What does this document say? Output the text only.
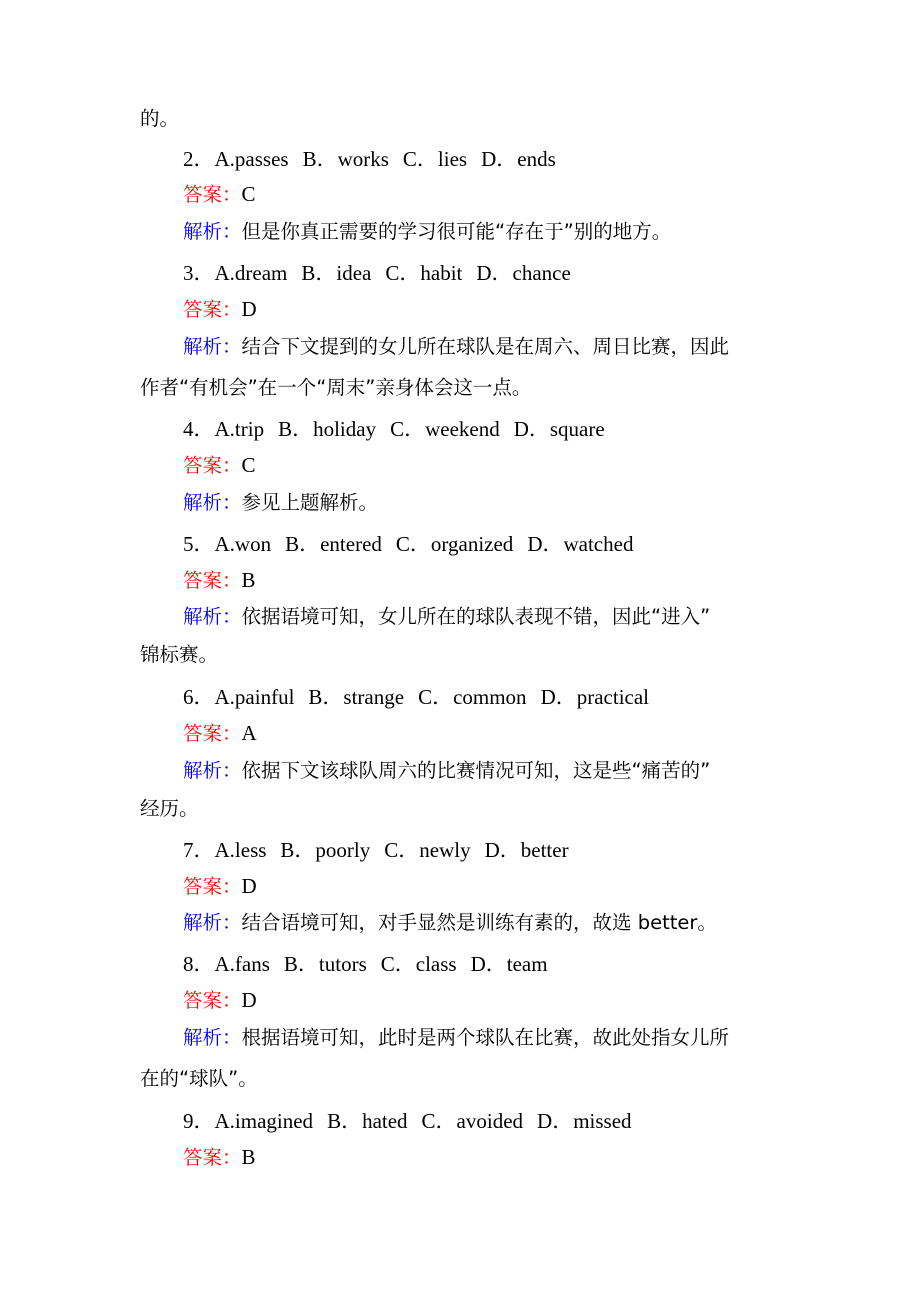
的。
2．A.passes B．works C．lies D．ends
答案：C
解析：但是你真正需要的学习很可能“存在于”别的地方。
3．A.dream B．idea C．habit D．chance
答案：D
解析：结合下文提到的女儿所在球队是在周六、周日比赛，因此
作者“有机会”在一个“周末”亲身体会这一点。
4．A.trip B．holiday C．weekend D．square
答案：C
解析：参见上题解析。
5．A.won B．entered C．organized D．watched
答案：B
解析：依据语境可知，女儿所在的球队表现不错，因此“进入”
锦标赛。
6．A.painful B．strange C．common D．practical
答案：A
解析：依据下文该球队周六的比赛情况可知，这是些“痛苦的”
经历。
7．A.less B．poorly C．newly D．better
答案：D
解析：结合语境可知，对手显然是训练有素的，故选 better。
8．A.fans B．tutors C．class D．team
答案：D
解析：根据语境可知，此时是两个球队在比赛，故此处指女儿所
在的“球队”。
9．A.imagined B．hated C．avoided D．missed
答案：B
